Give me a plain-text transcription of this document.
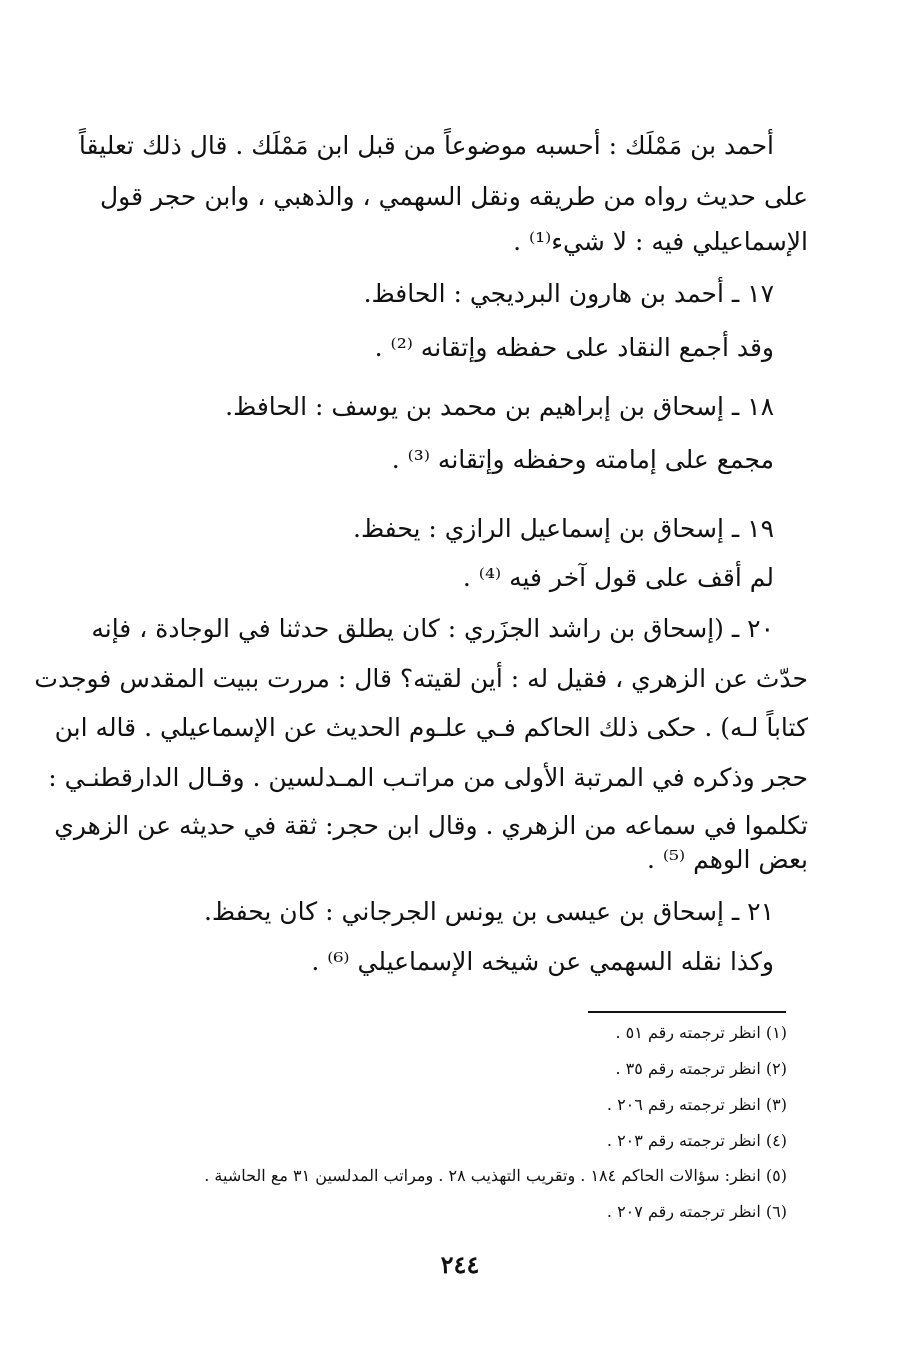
أحمد بن مَمْلَك : أحسبه موضوعاً من قبل ابن مَمْلَك . قال ذلك تعليقاً
على حديث رواه من طريقه ونقل السهمي ، والذهبي ، وابن حجر قول
الإسماعيلي فيه : لا شيء⁽¹⁾ .
١٧ ـ أحمد بن هارون البرديجي : الحافظ.
وقد أجمع النقاد على حفظه وإتقانه ⁽²⁾ .
١٨ ـ إسحاق بن إبراهيم بن محمد بن يوسف : الحافظ.
مجمع على إمامته وحفظه وإتقانه ⁽³⁾ .
١٩ ـ إسحاق بن إسماعيل الرازي : يحفظ.
لم أقف على قول آخر فيه ⁽⁴⁾ .
٢٠ ـ (إسحاق بن راشد الجزَري : كان يطلق حدثنا في الوجادة ، فإنه
حدّث عن الزهري ، فقيل له : أين لقيته؟ قال : مررت ببيت المقدس فوجدت
كتاباً لـه) . حكى ذلك الحاكم فـي علـوم الحديث عن الإسماعيلي . قاله ابن
حجر وذكره في المرتبة الأولى من مراتـب المـدلسين . وقـال الدارقطنـي :
تكلموا في سماعه من الزهري . وقال ابن حجر: ثقة في حديثه عن الزهري
بعض الوهم ⁽⁵⁾ .
٢١ ـ إسحاق بن عيسى بن يونس الجرجاني : كان يحفظ.
وكذا نقله السهمي عن شيخه الإسماعيلي ⁽⁶⁾ .
(١) انظر ترجمته رقم ٥١ .
(٢) انظر ترجمته رقم ٣٥ .
(٣) انظر ترجمته رقم ٢٠٦ .
(٤) انظر ترجمته رقم ٢٠٣ .
(٥) انظر: سؤالات الحاكم ١٨٤ . وتقريب التهذيب ٢٨ . ومراتب المدلسين ٣١ مع الحاشية .
(٦) انظر ترجمته رقم ٢٠٧ .
٢٤٤
